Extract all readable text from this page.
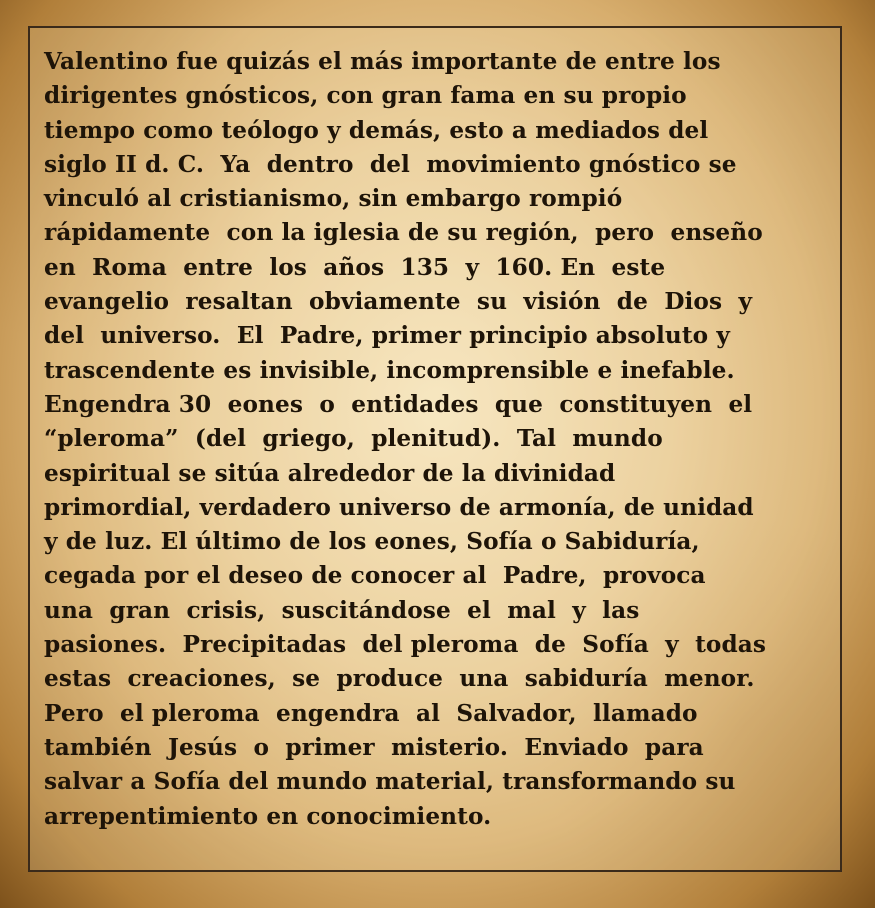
Valentino fue quizás el más importante de entre los
dirigentes gnósticos, con gran fama en su propio
tiempo como teólogo y demás, esto a mediados del
siglo II d. C.  Ya  dentro  del  movimiento gnóstico se
vinculó al cristianismo, sin embargo rompió
rápidamente  con la iglesia de su región,  pero  enseño
en  Roma  entre  los  años  135  y  160. En  este
evangelio  resaltan  obviamente  su  visión  de  Dios  y
del  universo.  El  Padre, primer principio absoluto y
trascendente es invisible, incomprensible e inefable.
Engendra 30  eones  o  entidades  que  constituyen  el
“pleroma”  (del  griego,  plenitud).  Tal  mundo
espiritual se sitúa alrededor de la divinidad
primordial, verdadero universo de armonía, de unidad
y de luz. El último de los eones, Sofía o Sabiduría,
cegada por el deseo de conocer al  Padre,  provoca
una  gran  crisis,  suscitándose  el  mal  y  las
pasiones.  Precipitadas  del pleroma  de  Sofía  y  todas
estas  creaciones,  se  produce  una  sabiduría  menor.
Pero  el pleroma  engendra  al  Salvador,  llamado
también  Jesús  o  primer  misterio.  Enviado  para
salvar a Sofía del mundo material, transformando su
arrepentimiento en conocimiento.
